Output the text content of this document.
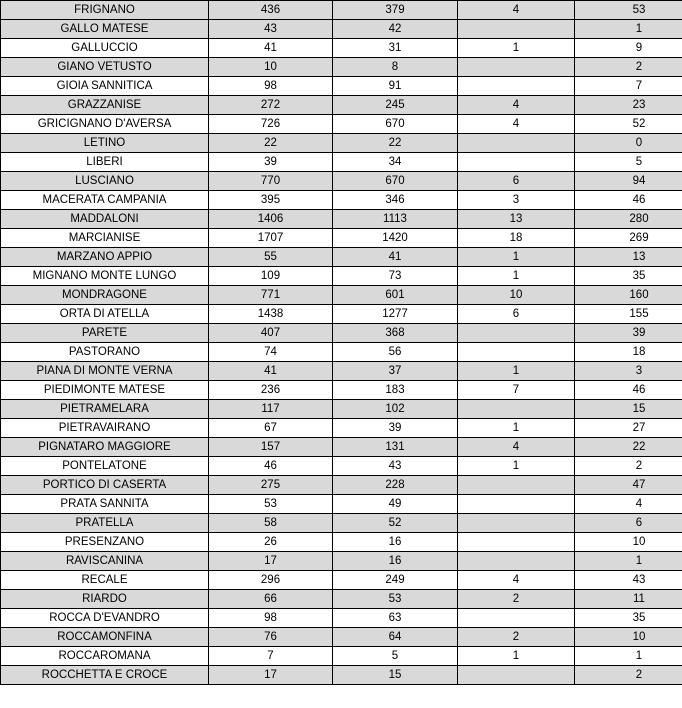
FRIGNANO	436	379	4	53
GALLO MATESE	43	42		1
GALLUCCIO	41	31	1	9
GIANO VETUSTO	10	8		2
GIOIA SANNITICA	98	91		7
GRAZZANISE	272	245	4	23
GRICIGNANO D'AVERSA	726	670	4	52
LETINO	22	22		0
LIBERI	39	34		5
LUSCIANO	770	670	6	94
MACERATA CAMPANIA	395	346	3	46
MADDALONI	1406	1113	13	280
MARCIANISE	1707	1420	18	269
MARZANO APPIO	55	41	1	13
MIGNANO MONTE LUNGO	109	73	1	35
MONDRAGONE	771	601	10	160
ORTA DI ATELLA	1438	1277	6	155
PARETE	407	368		39
PASTORANO	74	56		18
PIANA DI MONTE VERNA	41	37	1	3
PIEDIMONTE MATESE	236	183	7	46
PIETRAMELARA	117	102		15
PIETRAVAIRANO	67	39	1	27
PIGNATARO MAGGIORE	157	131	4	22
PONTELATONE	46	43	1	2
PORTICO DI CASERTA	275	228		47
PRATA SANNITA	53	49		4
PRATELLA	58	52		6
PRESENZANO	26	16		10
RAVISCANINA	17	16		1
RECALE	296	249	4	43
RIARDO	66	53	2	11
ROCCA D'EVANDRO	98	63		35
ROCCAMONFINA	76	64	2	10
ROCCAROMANA	7	5	1	1
ROCCHETTA E CROCE	17	15		2
